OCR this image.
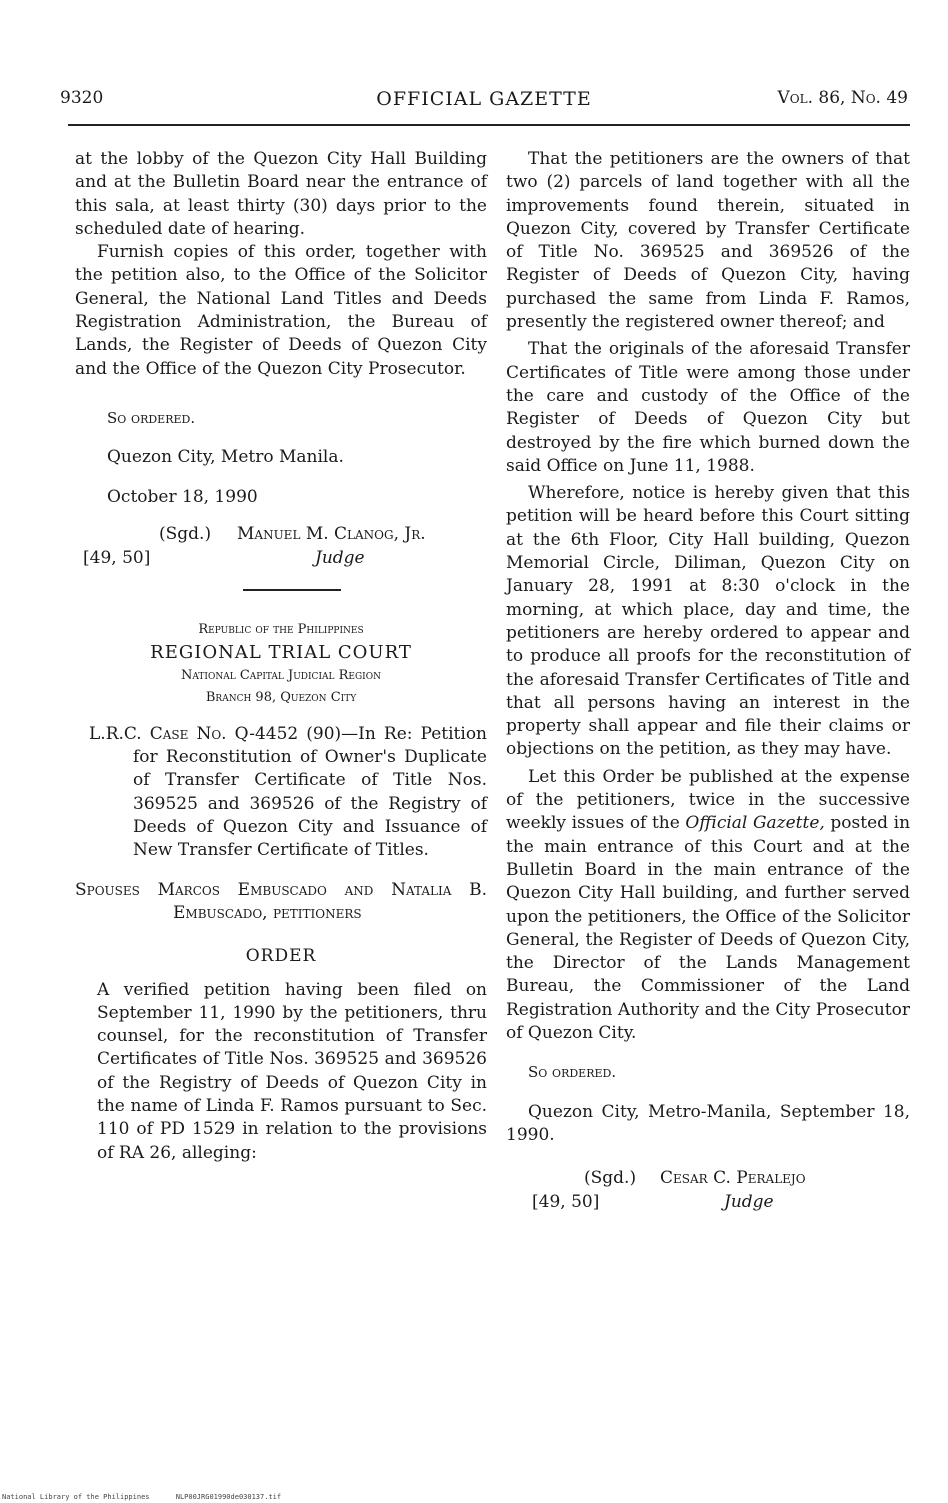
9320	OFFICIAL GAZETTE	Vol. 86, No. 49

at the lobby of the Quezon City Hall Building and at the Bulletin Board near the entrance of this sala, at least thirty (30) days prior to the scheduled date of hearing.

Furnish copies of this order, together with the petition also, to the Office of the Solicitor General, the National Land Titles and Deeds Registration Administration, the Bureau of Lands, the Register of Deeds of Quezon City and the Office of the Quezon City Prosecutor.

So ordered.

Quezon City, Metro Manila.

October 18, 1990

(Sgd.) Manuel M. Clanog, Jr.
[49, 50]	Judge
Republic of the Philippines
REGIONAL TRIAL COURT
National Capital Judicial Region
Branch 98, Quezon City

L.R.C. Case No. Q-4452 (90)—In Re: Petition for Reconstitution of Owner's Duplicate of Transfer Certificate of Title Nos. 369525 and 369526 of the Registry of Deeds of Quezon City and Issuance of New Transfer Certificate of Titles.

Spouses Marcos Embuscado and Natalia B. Embuscado, petitioners

ORDER

A verified petition having been filed on September 11, 1990 by the petitioners, thru counsel, for the reconstitution of Transfer Certificates of Title Nos. 369525 and 369526 of the Registry of Deeds of Quezon City in the name of Linda F. Ramos pursuant to Sec. 110 of PD 1529 in relation to the provisions of RA 26, alleging:

That the petitioners are the owners of that two (2) parcels of land together with all the improvements found therein, situated in Quezon City, covered by Transfer Certificate of Title No. 369525 and 369526 of the Register of Deeds of Quezon City, having purchased the same from Linda F. Ramos, presently the registered owner thereof; and

That the originals of the aforesaid Transfer Certificates of Title were among those under the care and custody of the Office of the Register of Deeds of Quezon City but destroyed by the fire which burned down the said Office on June 11, 1988.

Wherefore, notice is hereby given that this petition will be heard before this Court sitting at the 6th Floor, City Hall building, Quezon Memorial Circle, Diliman, Quezon City on January 28, 1991 at 8:30 o'clock in the morning, at which place, day and time, the petitioners are hereby ordered to appear and to produce all proofs for the reconstitution of the aforesaid Transfer Certificates of Title and that all persons having an interest in the property shall appear and file their claims or objections on the petition, as they may have.

Let this Order be published at the expense of the petitioners, twice in the successive weekly issues of the Official Gazette, posted in the main entrance of this Court and at the Bulletin Board in the main entrance of the Quezon City Hall building, and further served upon the petitioners, the Office of the Solicitor General, the Register of Deeds of Quezon City, the Director of the Lands Management Bureau, the Commissioner of the Land Registration Authority and the City Prosecutor of Quezon City.

So ordered.

Quezon City, Metro-Manila, September 18, 1990.

(Sgd.) Cesar C. Peralejo
[49, 50]	Judge
National Library of the Philippines	NLP00JRG01990de030137.tif
